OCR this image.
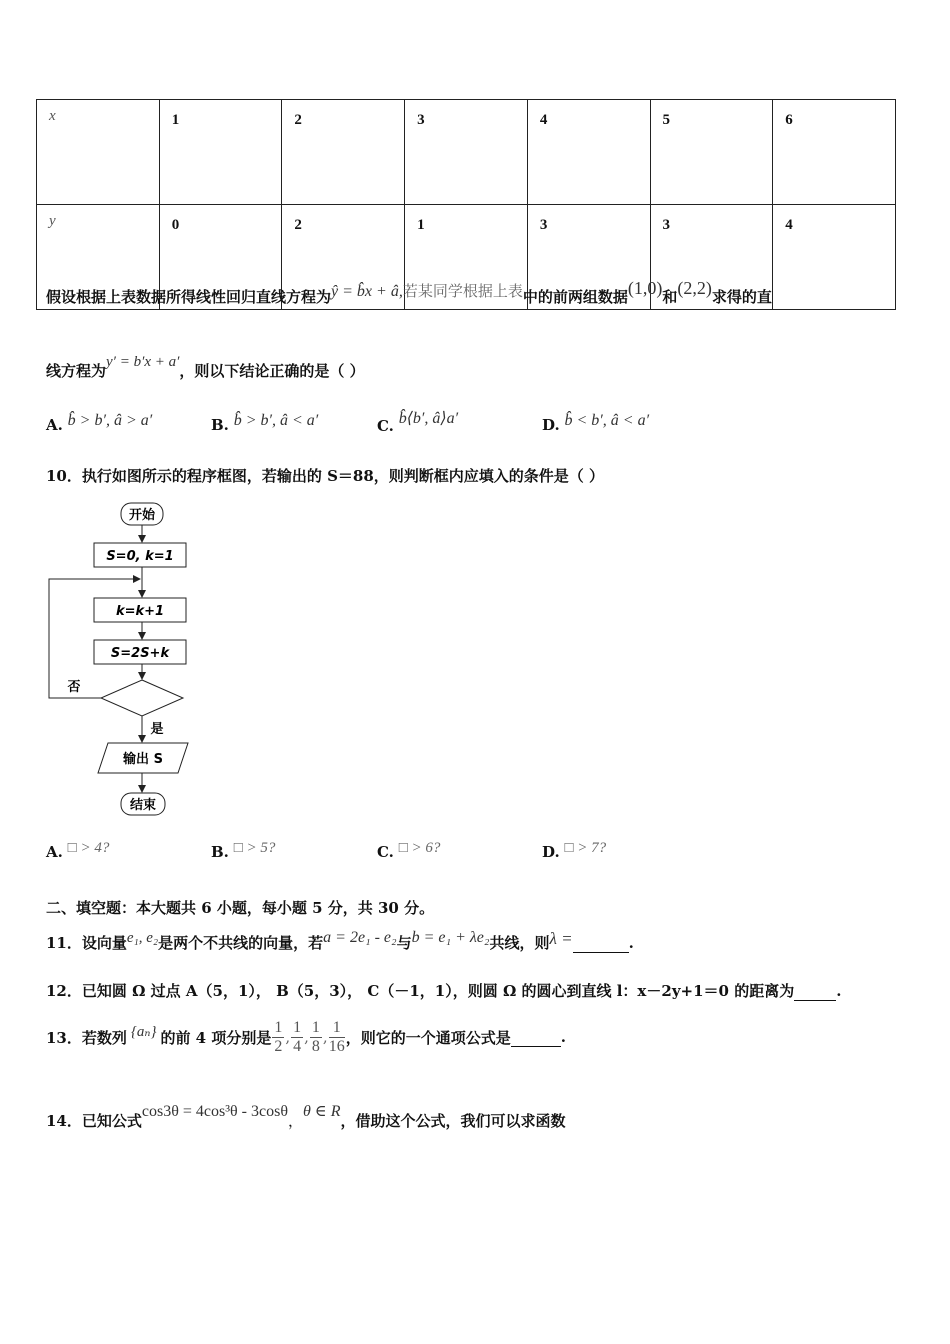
x	1	2	3	4	5	6
y	0	2	1	3	3	4
假设根据上表数据所得线性回归直线方程为ŷ = b̂x + â,若某同学根据上表中的前两组数据(1,0)和(2,2)求得的直
线方程为y′ = b′x + a′，则以下结论正确的是（ ）
A. b̂ > b′, â > a′	B. b̂ > b′, â < a′	C. b̂⟨b′, â⟩a′	D. b̂ < b′, â < a′
10．执行如图所示的程序框图，若输出的 S＝88，则判断框内应填入的条件是（ ）
开始
S=0, k=1
k=k+1
S=2S+k
否
是
输出 S
结束
A. □ > 4?	B. □ > 5?	C. □ > 6?	D. □ > 7?
二、填空题：本大题共 6 小题，每小题 5 分，共 30 分。
11．设向量e₁, e₂是两个不共线的向量，若a = 2e₁ - e₂与b = e₁ + λe₂共线，则λ =	.
12．已知圆 Ω 过点 A（5，1）， B（5，3）， C（－1，1），则圆 Ω 的圆心到直线 l：x－2y+1＝0 的距离为	.
13．若数列 {aₙ} 的前 4 项分别是 $\frac{1}{2}$ , $\frac{1}{4}$ , $\frac{1}{8}$ , $\frac{1}{16}$ ，则它的一个通项公式是	.
14．已知公式cos3θ = 4cos³θ - 3cosθ，θ ∈ R，借助这个公式，我们可以求函数
